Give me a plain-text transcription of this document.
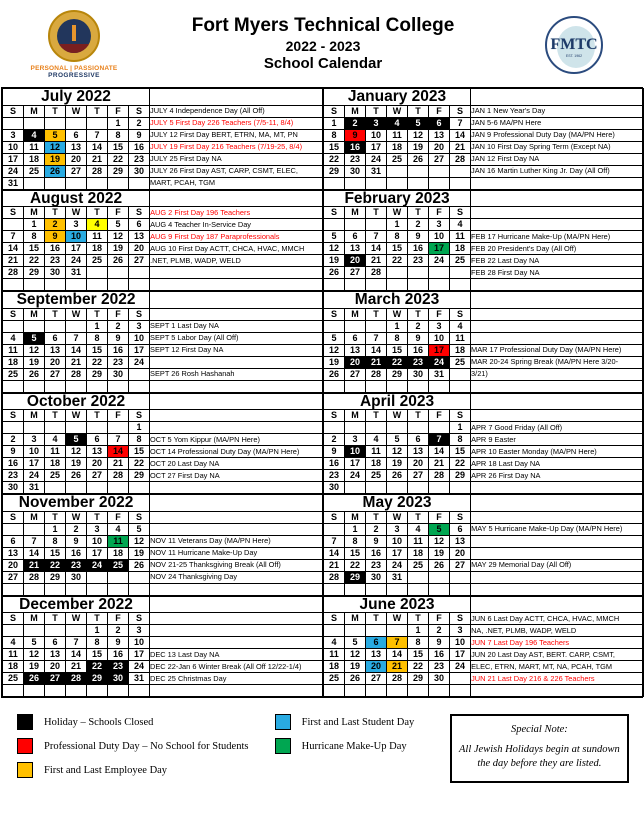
PERSONAL | PASSIONATE
PROGRESSIVE
Fort Myers Technical College
2022 - 2023
School Calendar
FMTC
EST. 1962
July 2022							
S	M	T	W	T	F	S	JULY 4 Independence Day (All Off)
					1	2	JULY 5 First Day 226 Teachers (7/5-11, 8/4)
3	4	5	6	7	8	9	JULY 12 First Day BERT, ETRN, MA, MT, PN
10	11	12	13	14	15	16	JULY 19 First Day 216 Teachers (7/19-25, 8/4)
17	18	19	20	21	22	23	JULY 25 First Day NA
24	25	26	27	28	29	30	JULY 26 First Day AST, CARP, CSMT, ELEC,
31							MART, PCAH, TGM
January 2023							
S	M	T	W	T	F	S	JAN 1 New Year's Day
1	2	3	4	5	6	7	JAN 5-6 MA/PN Here
8	9	10	11	12	13	14	JAN 9 Professional Duty Day (MA/PN Here)
15	16	17	18	19	20	21	JAN 10 First Day Spring Term (Except NA)
22	23	24	25	26	27	28	JAN 12 First Day NA
29	30	31					JAN 16 Martin Luther King Jr. Day (All Off)

August 2022							
S	M	T	W	T	F	S	AUG 2 First Day 196 Teachers
	1	2	3	4	5	6	AUG 4 Teacher In-Service Day
7	8	9	10	11	12	13	AUG 9 First Day 187 Paraprofessionals
14	15	16	17	18	19	20	AUG 10 First Day ACTT, CHCA, HVAC, MMCH
21	22	23	24	25	26	27	.NET, PLMB, WADP, WELD
28	29	30	31				

February 2023							
S	M	T	W	T	F	S	
			1	2	3	4	
5	6	7	8	9	10	11	FEB 17 Hurricane Make-Up (MA/PN Here)
12	13	14	15	16	17	18	FEB 20 President's Day (All Off)
19	20	21	22	23	24	25	FEB 22 Last Day NA
26	27	28					FEB 28 First Day NA

September 2022							
S	M	T	W	T	F	S	
				1	2	3	SEPT 1 Last Day NA
4	5	6	7	8	9	10	SEPT 5 Labor Day (All Off)
11	12	13	14	15	16	17	SEPT 12 First Day NA
18	19	20	21	22	23	24	
25	26	27	28	29	30		SEPT 26 Rosh Hashanah

March 2023							
S	M	T	W	T	F	S	
			1	2	3	4	
5	6	7	8	9	10	11	
12	13	14	15	16	17	18	MAR 17 Professional Duty Day (MA/PN Here)
19	20	21	22	23	24	25	MAR 20-24 Spring Break (MA/PN Here 3/20-
26	27	28	29	30	31		3/21)

October 2022							
S	M	T	W	T	F	S	
						1	
2	3	4	5	6	7	8	OCT 5 Yom Kippur (MA/PN Here)
9	10	11	12	13	14	15	OCT 14 Professional Duty Day (MA/PN Here)
16	17	18	19	20	21	22	OCT 20 Last Day NA
23	24	25	26	27	28	29	OCT 27 First Day NA
30	31						
April 2023							
S	M	T	W	T	F	S	
						1	APR 7 Good Friday (All Off)
2	3	4	5	6	7	8	APR 9 Easter
9	10	11	12	13	14	15	APR 10 Easter Monday (MA/PN Here)
16	17	18	19	20	21	22	APR 18 Last Day NA
23	24	25	26	27	28	29	APR 26 First Day NA
30							
November 2022							
S	M	T	W	T	F	S	
		1	2	3	4	5	
6	7	8	9	10	11	12	NOV 11 Veterans Day (MA/PN Here)
13	14	15	16	17	18	19	NOV 11 Hurricane Make-Up Day
20	21	22	23	24	25	26	NOV 21-25 Thanksgiving Break (All Off)
27	28	29	30				NOV 24 Thanksgiving Day

May 2023							
S	M	T	W	T	F	S	
	1	2	3	4	5	6	MAY 5 Hurricane Make-Up Day (MA/PN Here)
7	8	9	10	11	12	13	
14	15	16	17	18	19	20	
21	22	23	24	25	26	27	MAY 29 Memorial Day (All Off)
28	29	30	31				

December 2022							
S	M	T	W	T	F	S	
				1	2	3	
4	5	6	7	8	9	10	
11	12	13	14	15	16	17	DEC 13 Last Day NA
18	19	20	21	22	23	24	DEC 22-Jan 6 Winter Break (All Off 12/22-1/4)
25	26	27	28	29	30	31	DEC 25 Christmas Day

June 2023							
S	M	T	W	T	F	S	JUN 6 Last Day ACTT, CHCA, HVAC, MMCH
				1	2	3	NA, .NET, PLMB, WADP, WELD
4	5	6	7	8	9	10	JUN 7 Last Day 196 Teachers
11	12	13	14	15	16	17	JUN 20 Last Day AST, BERT. CARP, CSMT,
18	19	20	21	22	23	24	ELEC, ETRN, MART, MT, NA, PCAH, TGM
25	26	27	28	29	30		JUN 21 Last Day 216 & 226 Teachers

Holiday – Schools Closed
Professional Duty Day – No School for Students
First and Last Employee Day
First and Last Student Day
Hurricane Make-Up Day
Special Note:
All Jewish Holidays begin at sundown the day before they are listed.
